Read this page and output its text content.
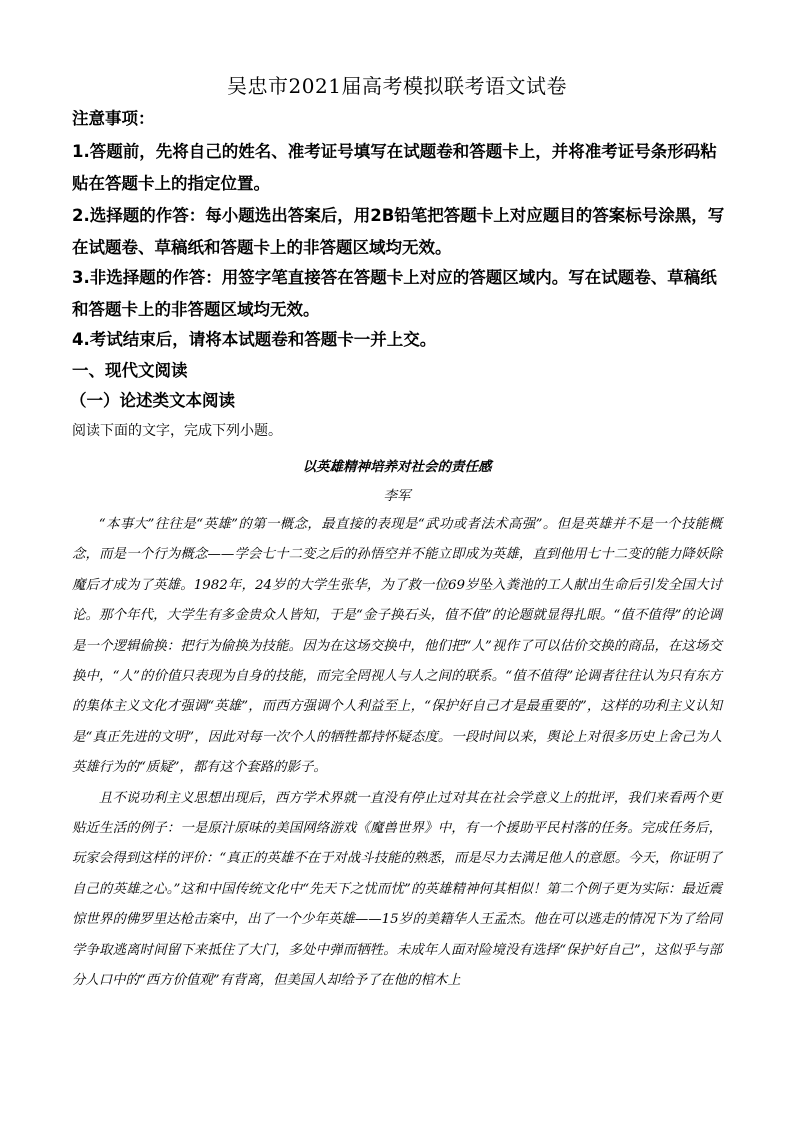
吴忠市2021届高考模拟联考语文试卷
注意事项：
1.答题前，先将自己的姓名、准考证号填写在试题卷和答题卡上，并将准考证号条形码粘贴在答题卡上的指定位置。
2.选择题的作答：每小题选出答案后，用2B铅笔把答题卡上对应题目的答案标号涂黑，写在试题卷、草稿纸和答题卡上的非答题区域均无效。
3.非选择题的作答：用签字笔直接答在答题卡上对应的答题区域内。写在试题卷、草稿纸和答题卡上的非答题区域均无效。
4.考试结束后，请将本试题卷和答题卡一并上交。
一、现代文阅读
（一）论述类文本阅读
阅读下面的文字，完成下列小题。
以英雄精神培养对社会的责任感
李军

“本事大”往往是“英雄”的第一概念，最直接的表现是“武功或者法术高强”。但是英雄并不是一个技能概念，而是一个行为概念——学会七十二变之后的孙悟空并不能立即成为英雄，直到他用七十二变的能力降妖除魔后才成为了英雄。1982年，24岁的大学生张华，为了救一位69岁坠入粪池的工人献出生命后引发全国大讨论。那个年代，大学生有多金贵众人皆知，于是“金子换石头，值不值”的论题就显得扎眼。“值不值得”的论调是一个逻辑偷换：把行为偷换为技能。因为在这场交换中，他们把“人”视作了可以估价交换的商品，在这场交换中，“人”的价值只表现为自身的技能，而完全罔视人与人之间的联系。“值不值得”论调者往往认为只有东方的集体主义文化才强调“英雄”，而西方强调个人利益至上，“保护好自己才是最重要的”，这样的功利主义认知是“真正先进的文明”，因此对每一次个人的牺牲都持怀疑态度。一段时间以来，舆论上对很多历史上舍己为人英雄行为的“质疑”，都有这个套路的影子。

且不说功利主义思想出现后，西方学术界就一直没有停止过对其在社会学意义上的批评，我们来看两个更贴近生活的例子：一是原汁原味的美国网络游戏《魔兽世界》中，有一个援助平民村落的任务。完成任务后，玩家会得到这样的评价：“真正的英雄不在于对战斗技能的熟悉，而是尽力去满足他人的意愿。今天，你证明了自己的英雄之心。”这和中国传统文化中“先天下之忧而忧”的英雄精神何其相似！第二个例子更为实际：最近震惊世界的佛罗里达枪击案中，出了一个少年英雄——15岁的美籍华人王孟杰。他在可以逃走的情况下为了给同学争取逃离时间留下来抵住了大门，多处中弹而牺牲。未成年人面对险境没有选择“保护好自己”，这似乎与部分人口中的“西方价值观”有背离，但美国人却给予了在他的棺木上
